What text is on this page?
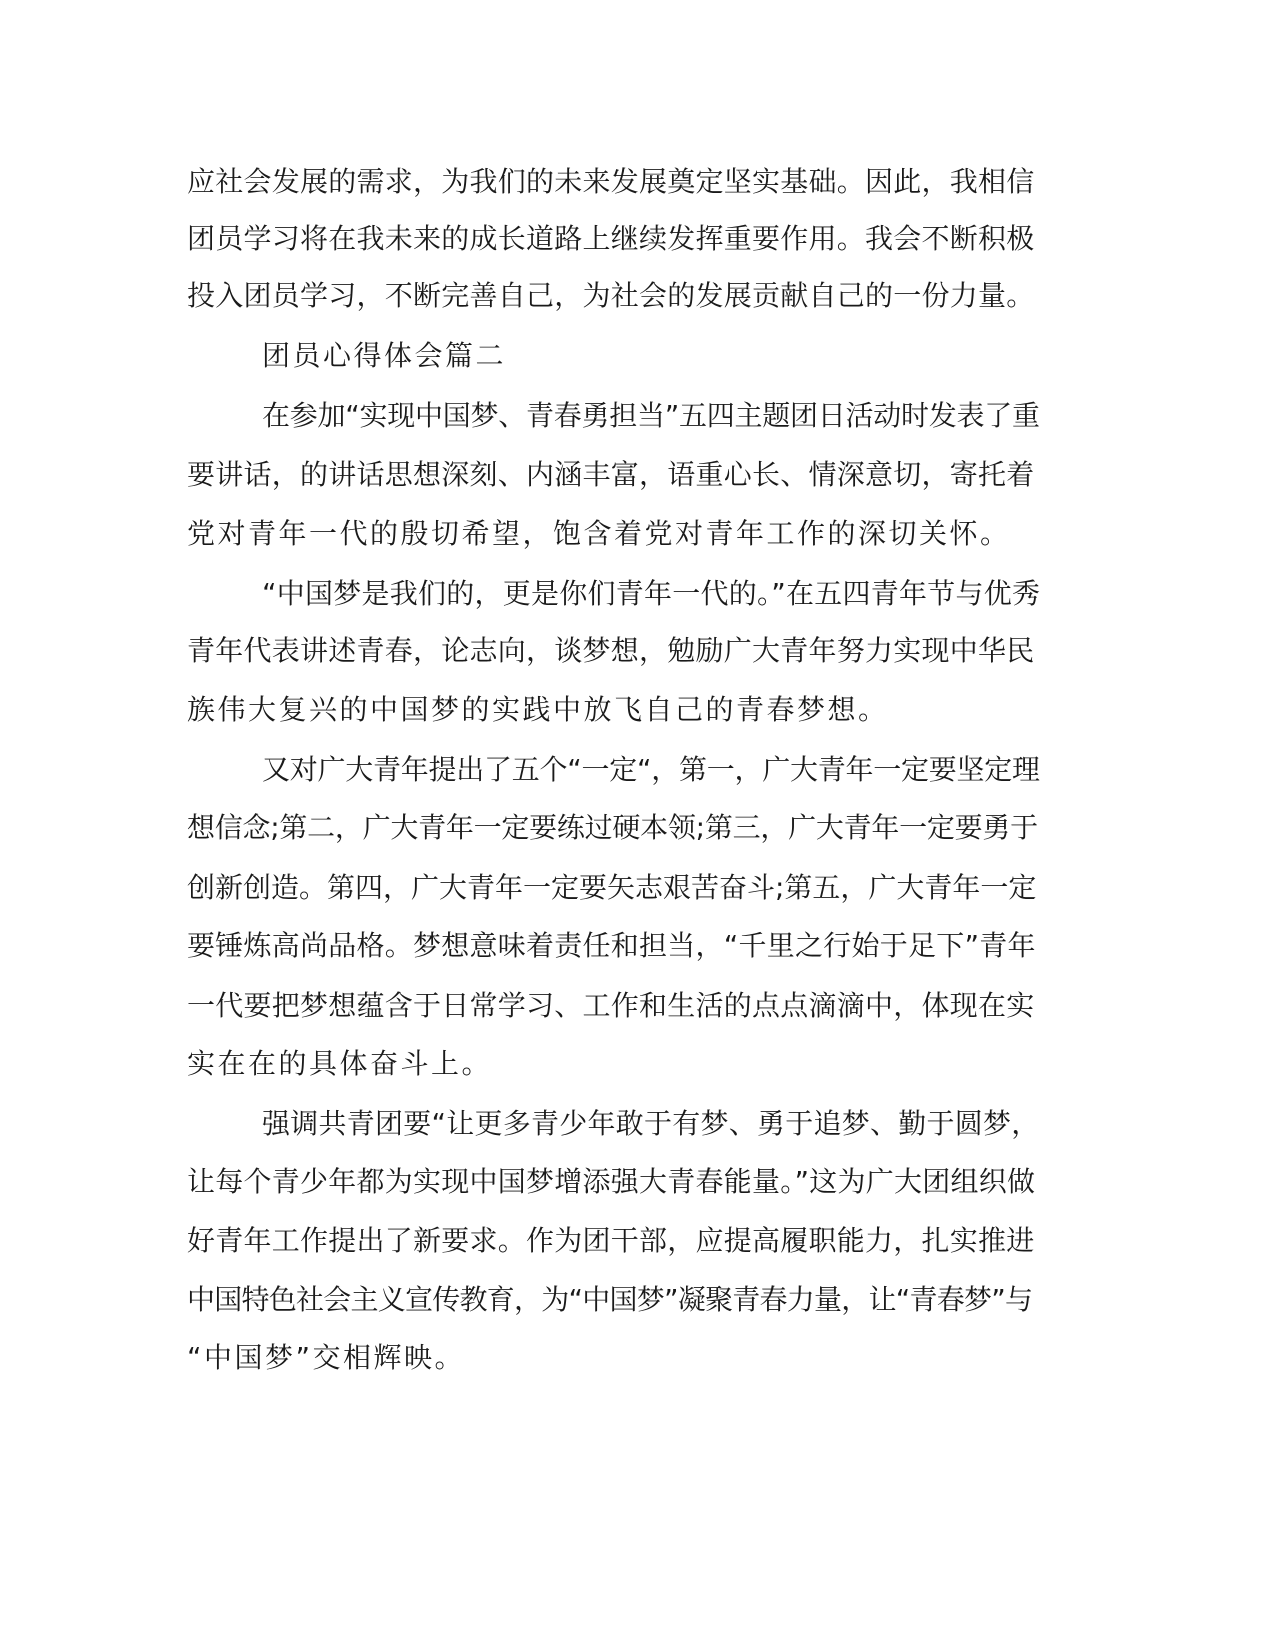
应社会发展的需求，为我们的未来发展奠定坚实基础。因此，我相信
团员学习将在我未来的成长道路上继续发挥重要作用。我会不断积极
投入团员学习，不断完善自己，为社会的发展贡献自己的一份力量。
团员心得体会篇二
在参加“实现中国梦、青春勇担当”五四主题团日活动时发表了重
要讲话，的讲话思想深刻、内涵丰富，语重心长、情深意切，寄托着
党对青年一代的殷切希望，饱含着党对青年工作的深切关怀。
“中国梦是我们的，更是你们青年一代的。”在五四青年节与优秀
青年代表讲述青春，论志向，谈梦想，勉励广大青年努力实现中华民
族伟大复兴的中国梦的实践中放飞自己的青春梦想。
又对广大青年提出了五个“一定“，第一，广大青年一定要坚定理
想信念;第二，广大青年一定要练过硬本领;第三，广大青年一定要勇于
创新创造。第四，广大青年一定要矢志艰苦奋斗;第五，广大青年一定
要锤炼高尚品格。梦想意味着责任和担当，“千里之行始于足下”青年
一代要把梦想蕴含于日常学习、工作和生活的点点滴滴中，体现在实
实在在的具体奋斗上。
强调共青团要“让更多青少年敢于有梦、勇于追梦、勤于圆梦，
让每个青少年都为实现中国梦增添强大青春能量。”这为广大团组织做
好青年工作提出了新要求。作为团干部，应提高履职能力，扎实推进
中国特色社会主义宣传教育，为“中国梦”凝聚青春力量，让“青春梦”与
“中国梦”交相辉映。
